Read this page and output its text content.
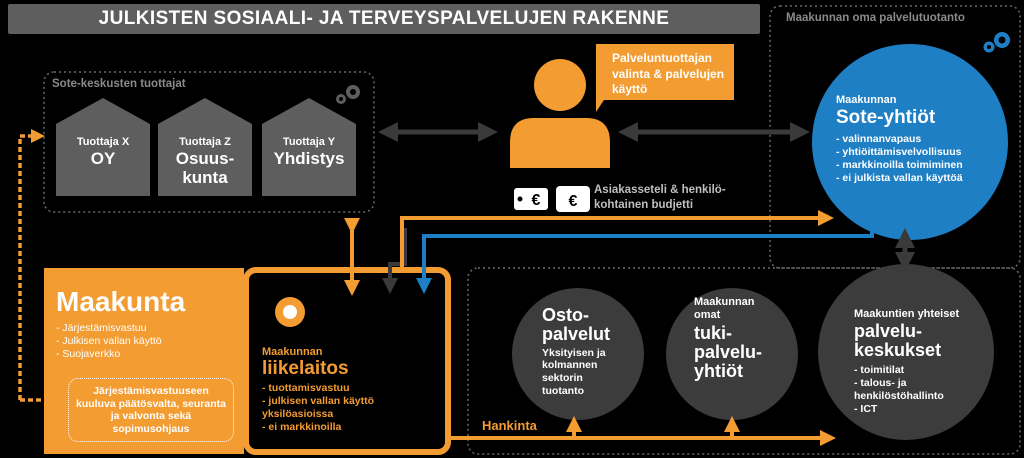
€ €
JULKISTEN SOSIAALI- JA TERVEYSPALVELUJEN RAKENNE
Sote-keskusten tuottajat
Tuottaja X
OY
Tuottaja Z
Osuus-
kunta
Tuottaja Y
Yhdistys
Palveluntuottajan valinta & palvelujen käyttö
Asiakasseteli & henkilö-
kohtainen budjetti
Maakunnan oma palvelutuotanto
Maakunnan
Sote-yhtiöt
- valinnanvapaus
- yhtiöittämisvelvollisuus
- markkinoilla toimiminen
- ei julkista vallan käyttöä
Maakunta
- Järjestämisvastuu
- Julkisen vallan käyttö
- Suojaverkko
Järjestämisvastuuseen kuuluva päätösvalta, seuranta ja valvonta sekä sopimusohjaus
Maakunnan
liikelaitos
- tuottamisvastuu
- julkisen vallan käyttö
yksilöasioissa
- ei markkinoilla	Hankinta
Osto-
palvelut
Yksityisen ja kolmannen sektorin tuotanto
Maakunnan omat
tuki-
palvelu-
yhtiöt
Maakuntien yhteiset
palvelu-
keskukset
- toimitilat
- talous- ja
henkilöstöhallinto
- ICT
